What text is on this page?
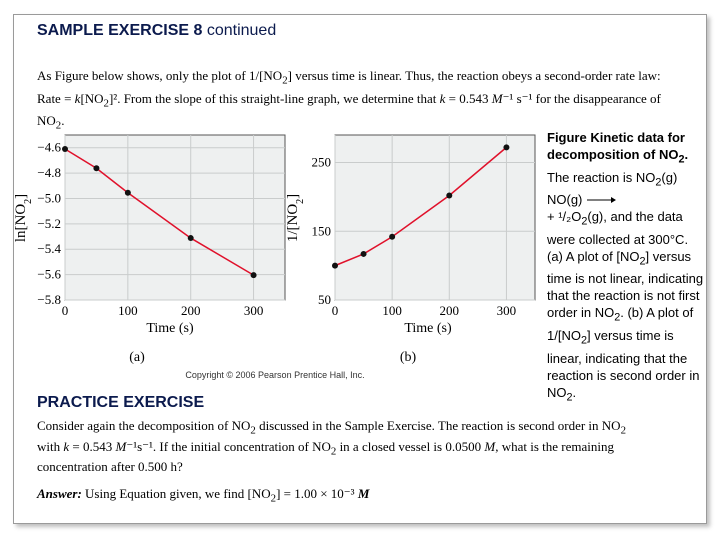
SAMPLE EXERCISE 8 continued
As Figure below shows, only the plot of $1/[NO_2]$ versus time is linear. Thus, the reaction obeys a second-order rate law: Rate = $k[NO_2]^2$. From the slope of this straight-line graph, we determine that k = 0.543 M⁻¹ s⁻¹ for the disappearance of $NO_2$.
0	100	200	300
−4.6
−4.8
−5.0
−5.2
−5.4
−5.6
−5.8
Time (s)
$\ln[NO_2]$
(a)
0	100	200	300
50
150
250
Time (s)
$1/[NO_2]$
(b)
Copyright © 2006 Pearson Prentice Hall, Inc.
Figure Kinetic data for decomposition of $NO_2$.
The reaction is $NO_2(g)$
NO(g) →
+ $^1/_2O_2(g)$, and the data were collected at 300°C. (a) A plot of $[NO_2]$ versus time is not linear, indicating that the reaction is not first order in $NO_2$. (b) A plot of $1/[NO_2]$ versus time is linear, indicating that the reaction is second order in $NO_2$.
PRACTICE EXERCISE
Consider again the decomposition of $NO_2$ discussed in the Sample Exercise. The reaction is second order in $NO_2$
with k = 0.543 M⁻¹s⁻¹. If the initial concentration of $NO_2$ in a closed vessel is 0.0500 M, what is the remaining
concentration after 0.500 h?
Answer: Using Equation given, we find $[NO_2] = 1.00 \times 10^{-3}$ M
